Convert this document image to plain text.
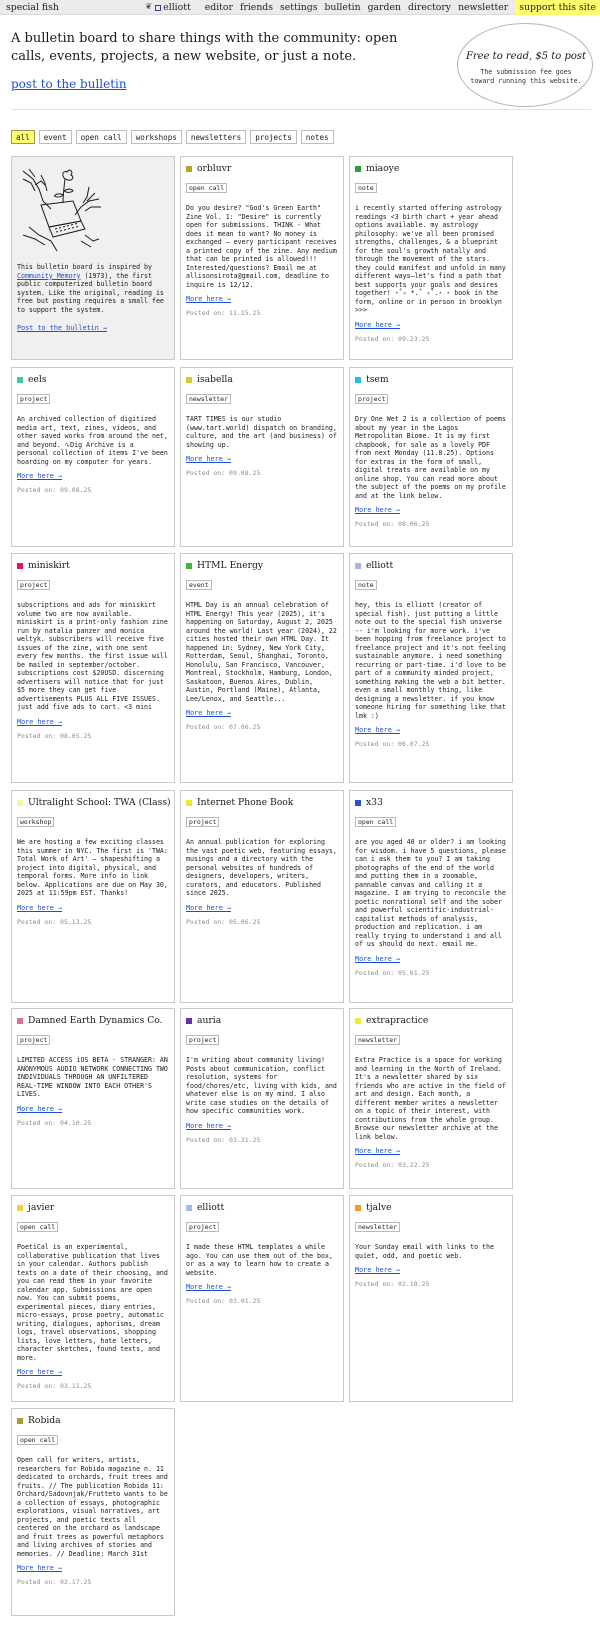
special fish	❦	elliott	editor friends settings bulletin garden directory newsletter	support this site
A bulletin board to share things with the community: open calls, events, projects, a new website, or just a note.
post to the bulletin
Free to read, $5 to post
The submission fee goes toward running this website.
all	event	open call	workshops	newsletters	projects	notes
This bulletin board is inspired by Community Memory (1973), the first public computerized bulletin board system. Like the original, reading is free but posting requires a small fee to support the system.
Post to the bulletin →
orbluvr
open call
Do you desire? "God's Green Earth" Zine Vol. 1: "Desire" is currently open for submissions. THINK - What does it mean to want? No money is exchanged — every participant receives a printed copy of the zine. Any medium that can be printed is allowed!!! Interested/questions? Email me at allisonsirota@gmail.com, deadline to inquire is 12/12.
More here →
Posted on: 11.15.25
miaoye
note
i recently started offering astrology readings <3 birth chart + year ahead options available. my astrology philosophy: we've all been promised strengths, challenges, & a blueprint for the soul's growth natally and through the movement of the stars. they could manifest and unfold in many different ways—let's find a path that best supports your goals and desires together! ⋆˚✧ *.˚ ✧˚.⋆ ⋆ book in the form, online or in person in brooklyn >>>
More here →
Posted on: 09.23.25
eels
project
An archived collection of digitized media art, text, zines, videos, and other saved works from around the net, and beyond. ∿Dig Archive is a personal collection of items I've been hoarding on my computer for years.
More here →
Posted on: 09.08.25
isabella
newsletter
TART TIMES is our studio (www.tart.world) dispatch on branding, culture, and the art (and business) of showing up.
More here →
Posted on: 09.08.25
tsem
project
Dry One Wet 2 is a collection of poems about my year in the Lagos Metropolitan Biome. It is my first chapbook, for sale as a lovely PDF from next Monday (11.8.25). Options for extras in the form of small, digital treats are available on my online shop. You can read more about the subject of the poems on my profile and at the link below.
More here →
Posted on: 08.06.25
miniskirt
project
subscriptions and ads for miniskirt volume two are now available. miniskirt is a print-only fashion zine run by natalia panzer and monica weltyk. subscribers will receive five issues of the zine, with one sent every few months. the first issue will be mailed in september/october. subscriptions cost $20USD. discerning advertisers will notice that for just $5 more they can get five advertisements PLUS ALL FIVE ISSUES. just add five ads to cart. <3 mini
More here →
Posted on: 08.05.25
HTML Energy
event
HTML Day is an annual celebration of HTML Energy! This year (2025), it's happening on Saturday, August 2, 2025 around the world! Last year (2024), 22 cities hosted their own HTML Day. It happened in: Sydney, New York City, Rotterdam, Seoul, Shanghai, Toronto, Honolulu, San Francisco, Vancouver, Montreal, Stockholm, Hamburg, London, Saskatoon, Buenos Aires, Dublin, Austin, Portland (Maine), Atlanta, Lee/Lenox, and Seattle...
More here →
Posted on: 07.06.25
elliott
note
hey, this is elliott (creator of special fish). just putting a little note out to the special fish universe -- i'm looking for more work. i've been hopping from freelance project to freelance project and it's not feeling sustainable anymore. i need something recurring or part-time. i'd love to be part of a community minded project, something making the web a bit better. even a small monthly thing, like designing a newsletter. if you know someone hiring for something like that lmk :)
More here →
Posted on: 06.07.25
Ultralight School: TWA (Class)
workshop
We are hosting a few exciting classes this summer in NYC. The first is 'TWA: Total Work of Art' — shapeshifting a project into digital, physical, and temporal forms. More info in link below. Applications are due on May 30, 2025 at 11:59pm EST. Thanks!
More here →
Posted on: 05.13.25
Internet Phone Book
project
An annual publication for exploring the vast poetic web, featuring essays, musings and a directory with the personal websites of hundreds of designers, developers, writers, curators, and educators. Published since 2025.
More here →
Posted on: 05.06.25
x33
open call
are you aged 40 or older? i am looking for wisdom. i have 5 questions, please can i ask them to you? I am taking photographs of the end of the world and putting them in a zoomable, pannable canvas and calling it a magazine. I am trying to reconcile the poetic nonrational self and the sober and powerful scientific-industrial-capitalist methods of analysis, production and replication. i am really trying to understand i and all of us should do next. email me.
More here →
Posted on: 05.01.25
Damned Earth Dynamics Co.
project
LIMITED ACCESS iOS BETA - STRANGER: AN ANONYMOUS AUDIO NETWORK CONNECTING TWO INDIVIDUALS THROUGH AN UNFILTERED REAL-TIME WINDOW INTO EACH OTHER'S LIVES.
More here →
Posted on: 04.10.25
auria
project
I'm writing about community living! Posts about communication, conflict resolution, systems for food/chores/etc, living with kids, and whatever else is on my mind. I also write case studies on the details of how specific communities work.
More here →
Posted on: 03.31.25
extrapractice
newsletter
Extra Practice is a space for working and learning in the North of Ireland. It's a newsletter shared by six friends who are active in the field of art and design. Each month, a different member writes a newsletter on a topic of their interest, with contributions from the whole group. Browse our newsletter archive at the link below.
More here →
Posted on: 03.22.25
javier
open call
PoetiCal is an experimental, collaborative publication that lives in your calendar. Authors publish texts on a date of their choosing, and you can read them in your favorite calendar app. Submissions are open now. You can submit poems, experimental pieces, diary entries, micro-essays, prose poetry, automatic writing, dialogues, aphorisms, dream logs, travel observations, shopping lists, love letters, hate letters, character sketches, found texts, and more.
More here →
Posted on: 03.11.25
elliott
project
I made these HTML templates a while ago. You can use them out of the box, or as a way to learn how to create a website.
More here →
Posted on: 03.01.25
tjalve
newsletter
Your Sunday email with links to the quiet, odd, and poetic web.
More here →
Posted on: 02.18.25
Robida
open call
Open call for writers, artists, researchers for Robida magazine n. 11 dedicated to orchards, fruit trees and fruits. // The publication Robida 11: Orchard/Sadovnjak/Frutteto wants to be a collection of essays, photographic explorations, visual narratives, art projects, and poetic texts all centered on the orchard as landscape and fruit trees as powerful metaphors and living archives of stories and memories. // Deadline: March 31st
More here →
Posted on: 02.17.25
